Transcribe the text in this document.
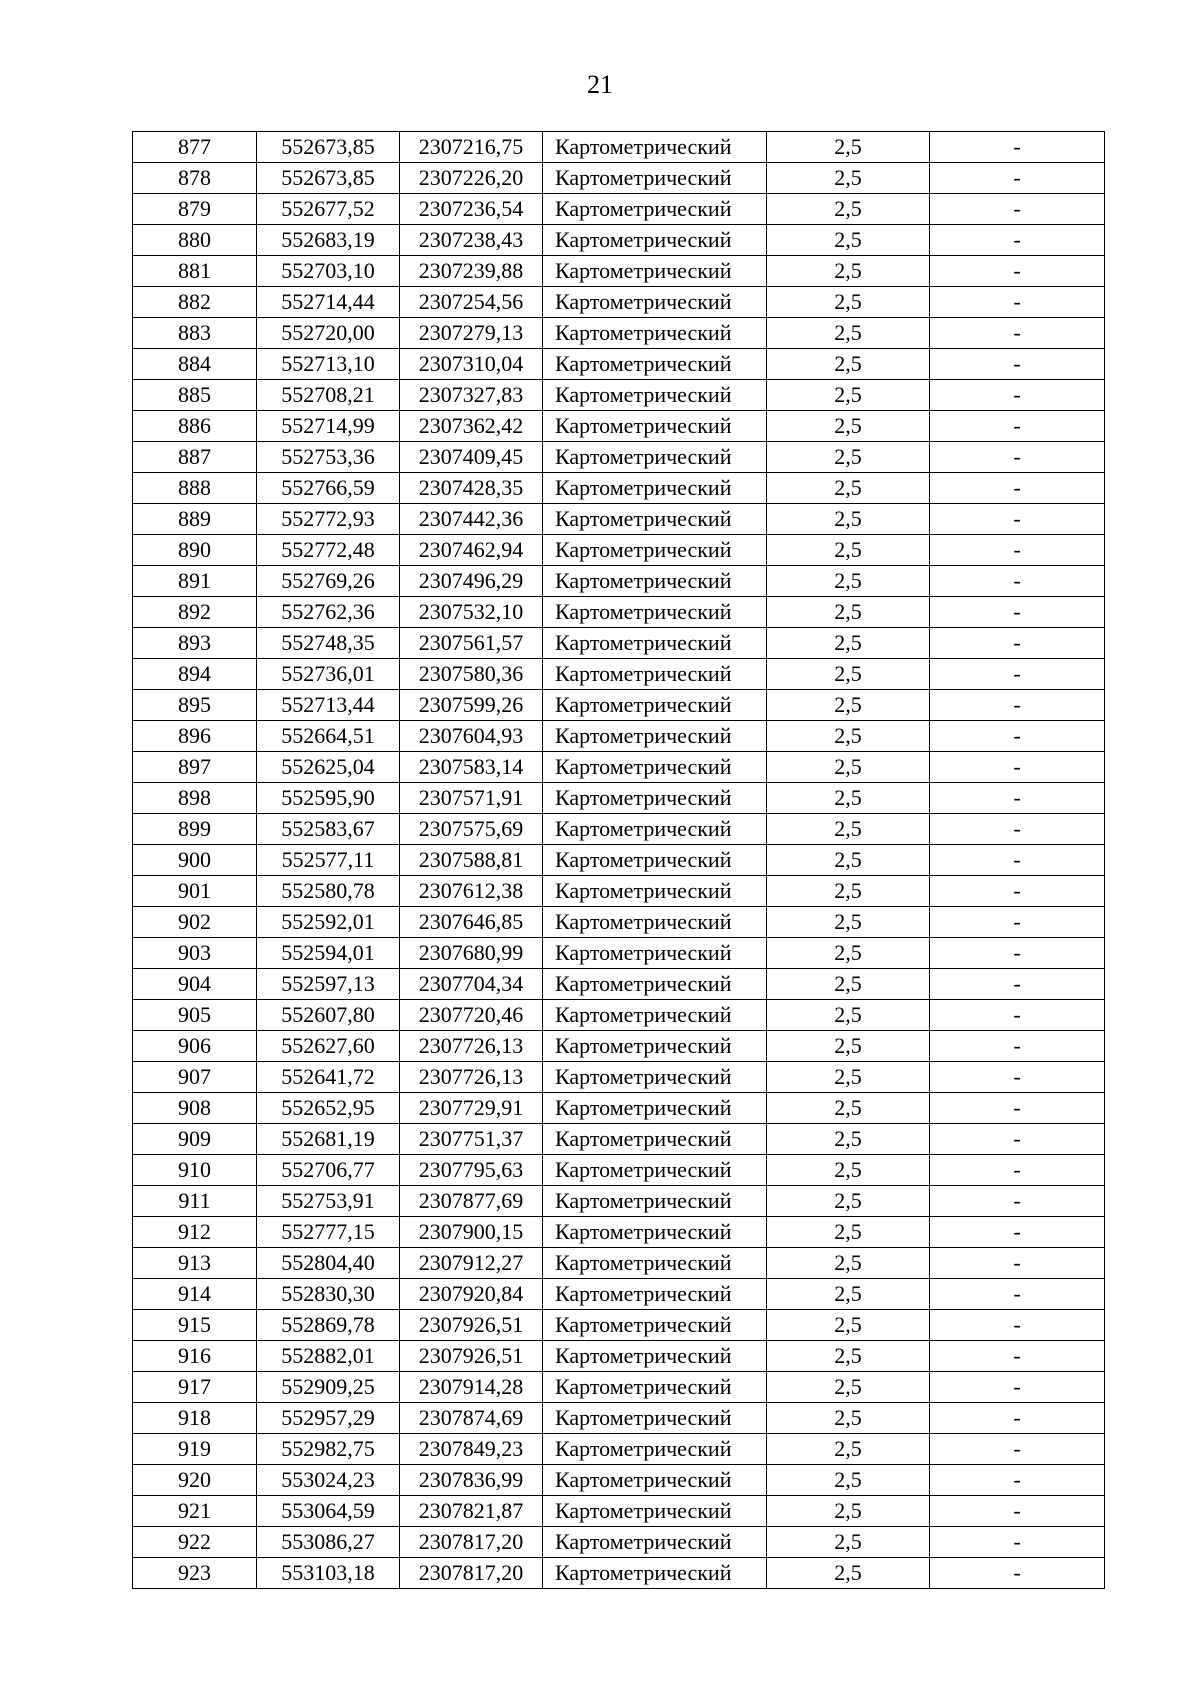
21
877	552673,85	2307216,75	Картометрический	2,5	-
878	552673,85	2307226,20	Картометрический	2,5	-
879	552677,52	2307236,54	Картометрический	2,5	-
880	552683,19	2307238,43	Картометрический	2,5	-
881	552703,10	2307239,88	Картометрический	2,5	-
882	552714,44	2307254,56	Картометрический	2,5	-
883	552720,00	2307279,13	Картометрический	2,5	-
884	552713,10	2307310,04	Картометрический	2,5	-
885	552708,21	2307327,83	Картометрический	2,5	-
886	552714,99	2307362,42	Картометрический	2,5	-
887	552753,36	2307409,45	Картометрический	2,5	-
888	552766,59	2307428,35	Картометрический	2,5	-
889	552772,93	2307442,36	Картометрический	2,5	-
890	552772,48	2307462,94	Картометрический	2,5	-
891	552769,26	2307496,29	Картометрический	2,5	-
892	552762,36	2307532,10	Картометрический	2,5	-
893	552748,35	2307561,57	Картометрический	2,5	-
894	552736,01	2307580,36	Картометрический	2,5	-
895	552713,44	2307599,26	Картометрический	2,5	-
896	552664,51	2307604,93	Картометрический	2,5	-
897	552625,04	2307583,14	Картометрический	2,5	-
898	552595,90	2307571,91	Картометрический	2,5	-
899	552583,67	2307575,69	Картометрический	2,5	-
900	552577,11	2307588,81	Картометрический	2,5	-
901	552580,78	2307612,38	Картометрический	2,5	-
902	552592,01	2307646,85	Картометрический	2,5	-
903	552594,01	2307680,99	Картометрический	2,5	-
904	552597,13	2307704,34	Картометрический	2,5	-
905	552607,80	2307720,46	Картометрический	2,5	-
906	552627,60	2307726,13	Картометрический	2,5	-
907	552641,72	2307726,13	Картометрический	2,5	-
908	552652,95	2307729,91	Картометрический	2,5	-
909	552681,19	2307751,37	Картометрический	2,5	-
910	552706,77	2307795,63	Картометрический	2,5	-
911	552753,91	2307877,69	Картометрический	2,5	-
912	552777,15	2307900,15	Картометрический	2,5	-
913	552804,40	2307912,27	Картометрический	2,5	-
914	552830,30	2307920,84	Картометрический	2,5	-
915	552869,78	2307926,51	Картометрический	2,5	-
916	552882,01	2307926,51	Картометрический	2,5	-
917	552909,25	2307914,28	Картометрический	2,5	-
918	552957,29	2307874,69	Картометрический	2,5	-
919	552982,75	2307849,23	Картометрический	2,5	-
920	553024,23	2307836,99	Картометрический	2,5	-
921	553064,59	2307821,87	Картометрический	2,5	-
922	553086,27	2307817,20	Картометрический	2,5	-
923	553103,18	2307817,20	Картометрический	2,5	-
